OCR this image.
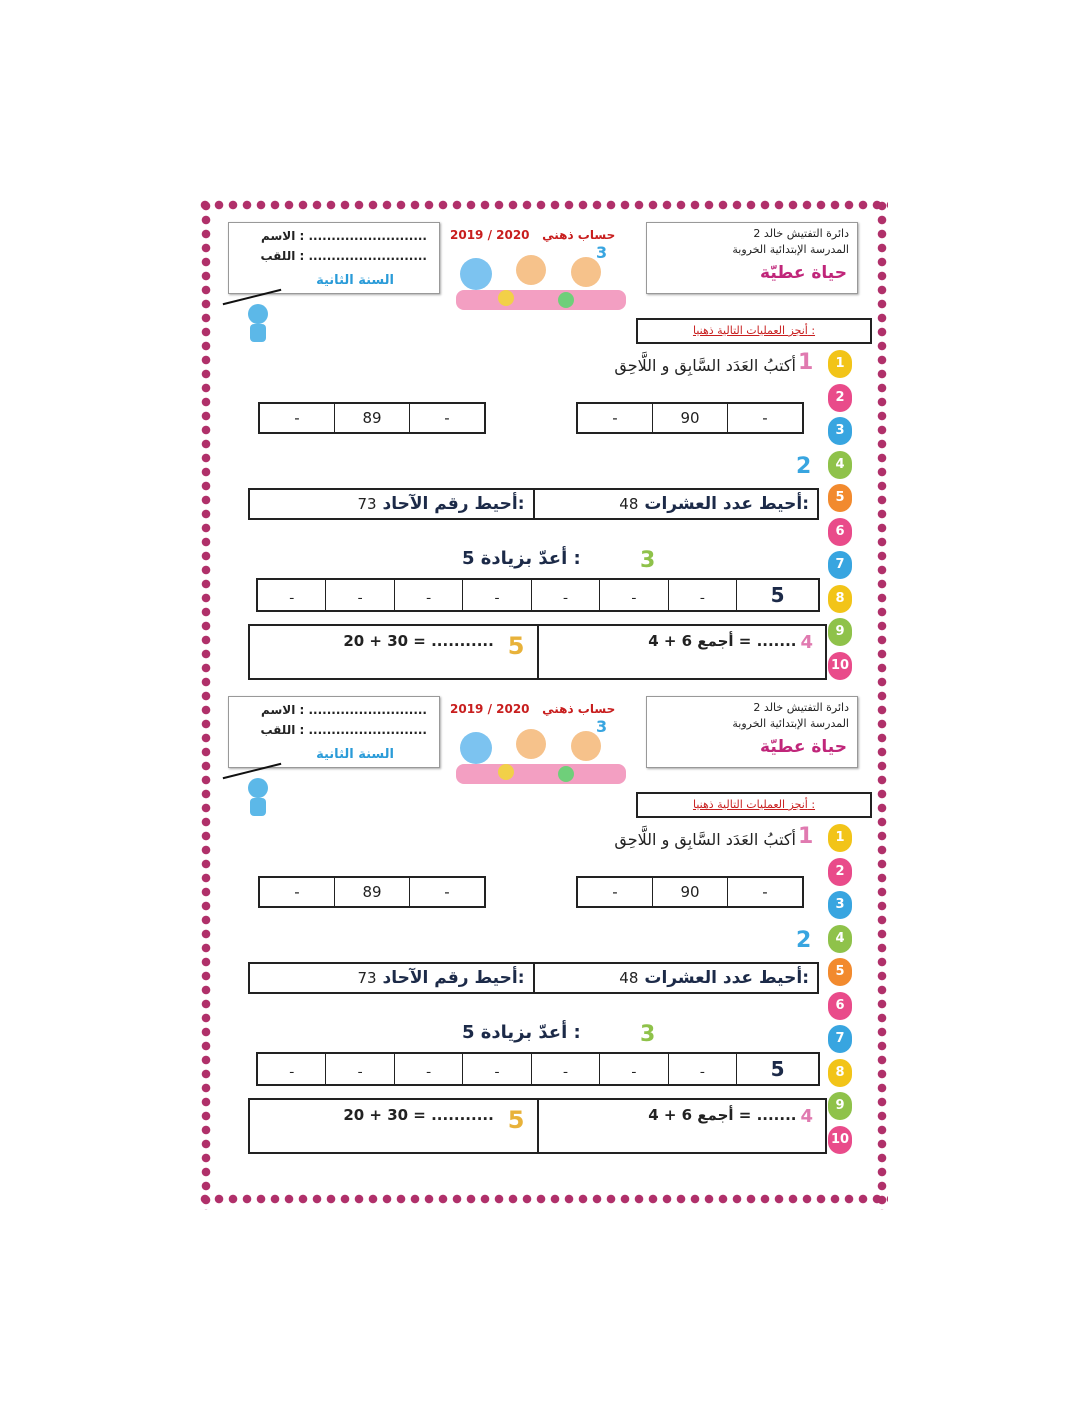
دائرة التفتيش خالد 2
المدرسة الإبتدائية الخروبة
حياة عطيّة
2019 / 2020 حساب ذهني
3
الاسم : ..........................
اللقب : ..........................
السنة الثانية
أنجز العمليات التالية ذهنيا :
1
أكتبُ العَدَد السَّابِق و اللَّاحِق
-	90	-
-	89	-
2
73 أحيط رقم الآحاد:	48 أحيط عدد العشرات:
3
أعدّ بزيادة 5 :
ـ	ـ	ـ	ـ	ـ	ـ	ـ	5
20 + 30 = ........... 5	أجمع 6 + 4 = ....... 4
1
2
3
4
5
6
7
8
9
10
دائرة التفتيش خالد 2
المدرسة الإبتدائية الخروبة
حياة عطيّة
2019 / 2020 حساب ذهني
3
الاسم : ..........................
اللقب : ..........................
السنة الثانية
أنجز العمليات التالية ذهنيا :
1
أكتبُ العَدَد السَّابِق و اللَّاحِق
-	90	-
-	89	-
2
73 أحيط رقم الآحاد:	48 أحيط عدد العشرات:
3
أعدّ بزيادة 5 :
ـ	ـ	ـ	ـ	ـ	ـ	ـ	5
20 + 30 = ........... 5	أجمع 6 + 4 = ....... 4
1
2
3
4
5
6
7
8
9
10
